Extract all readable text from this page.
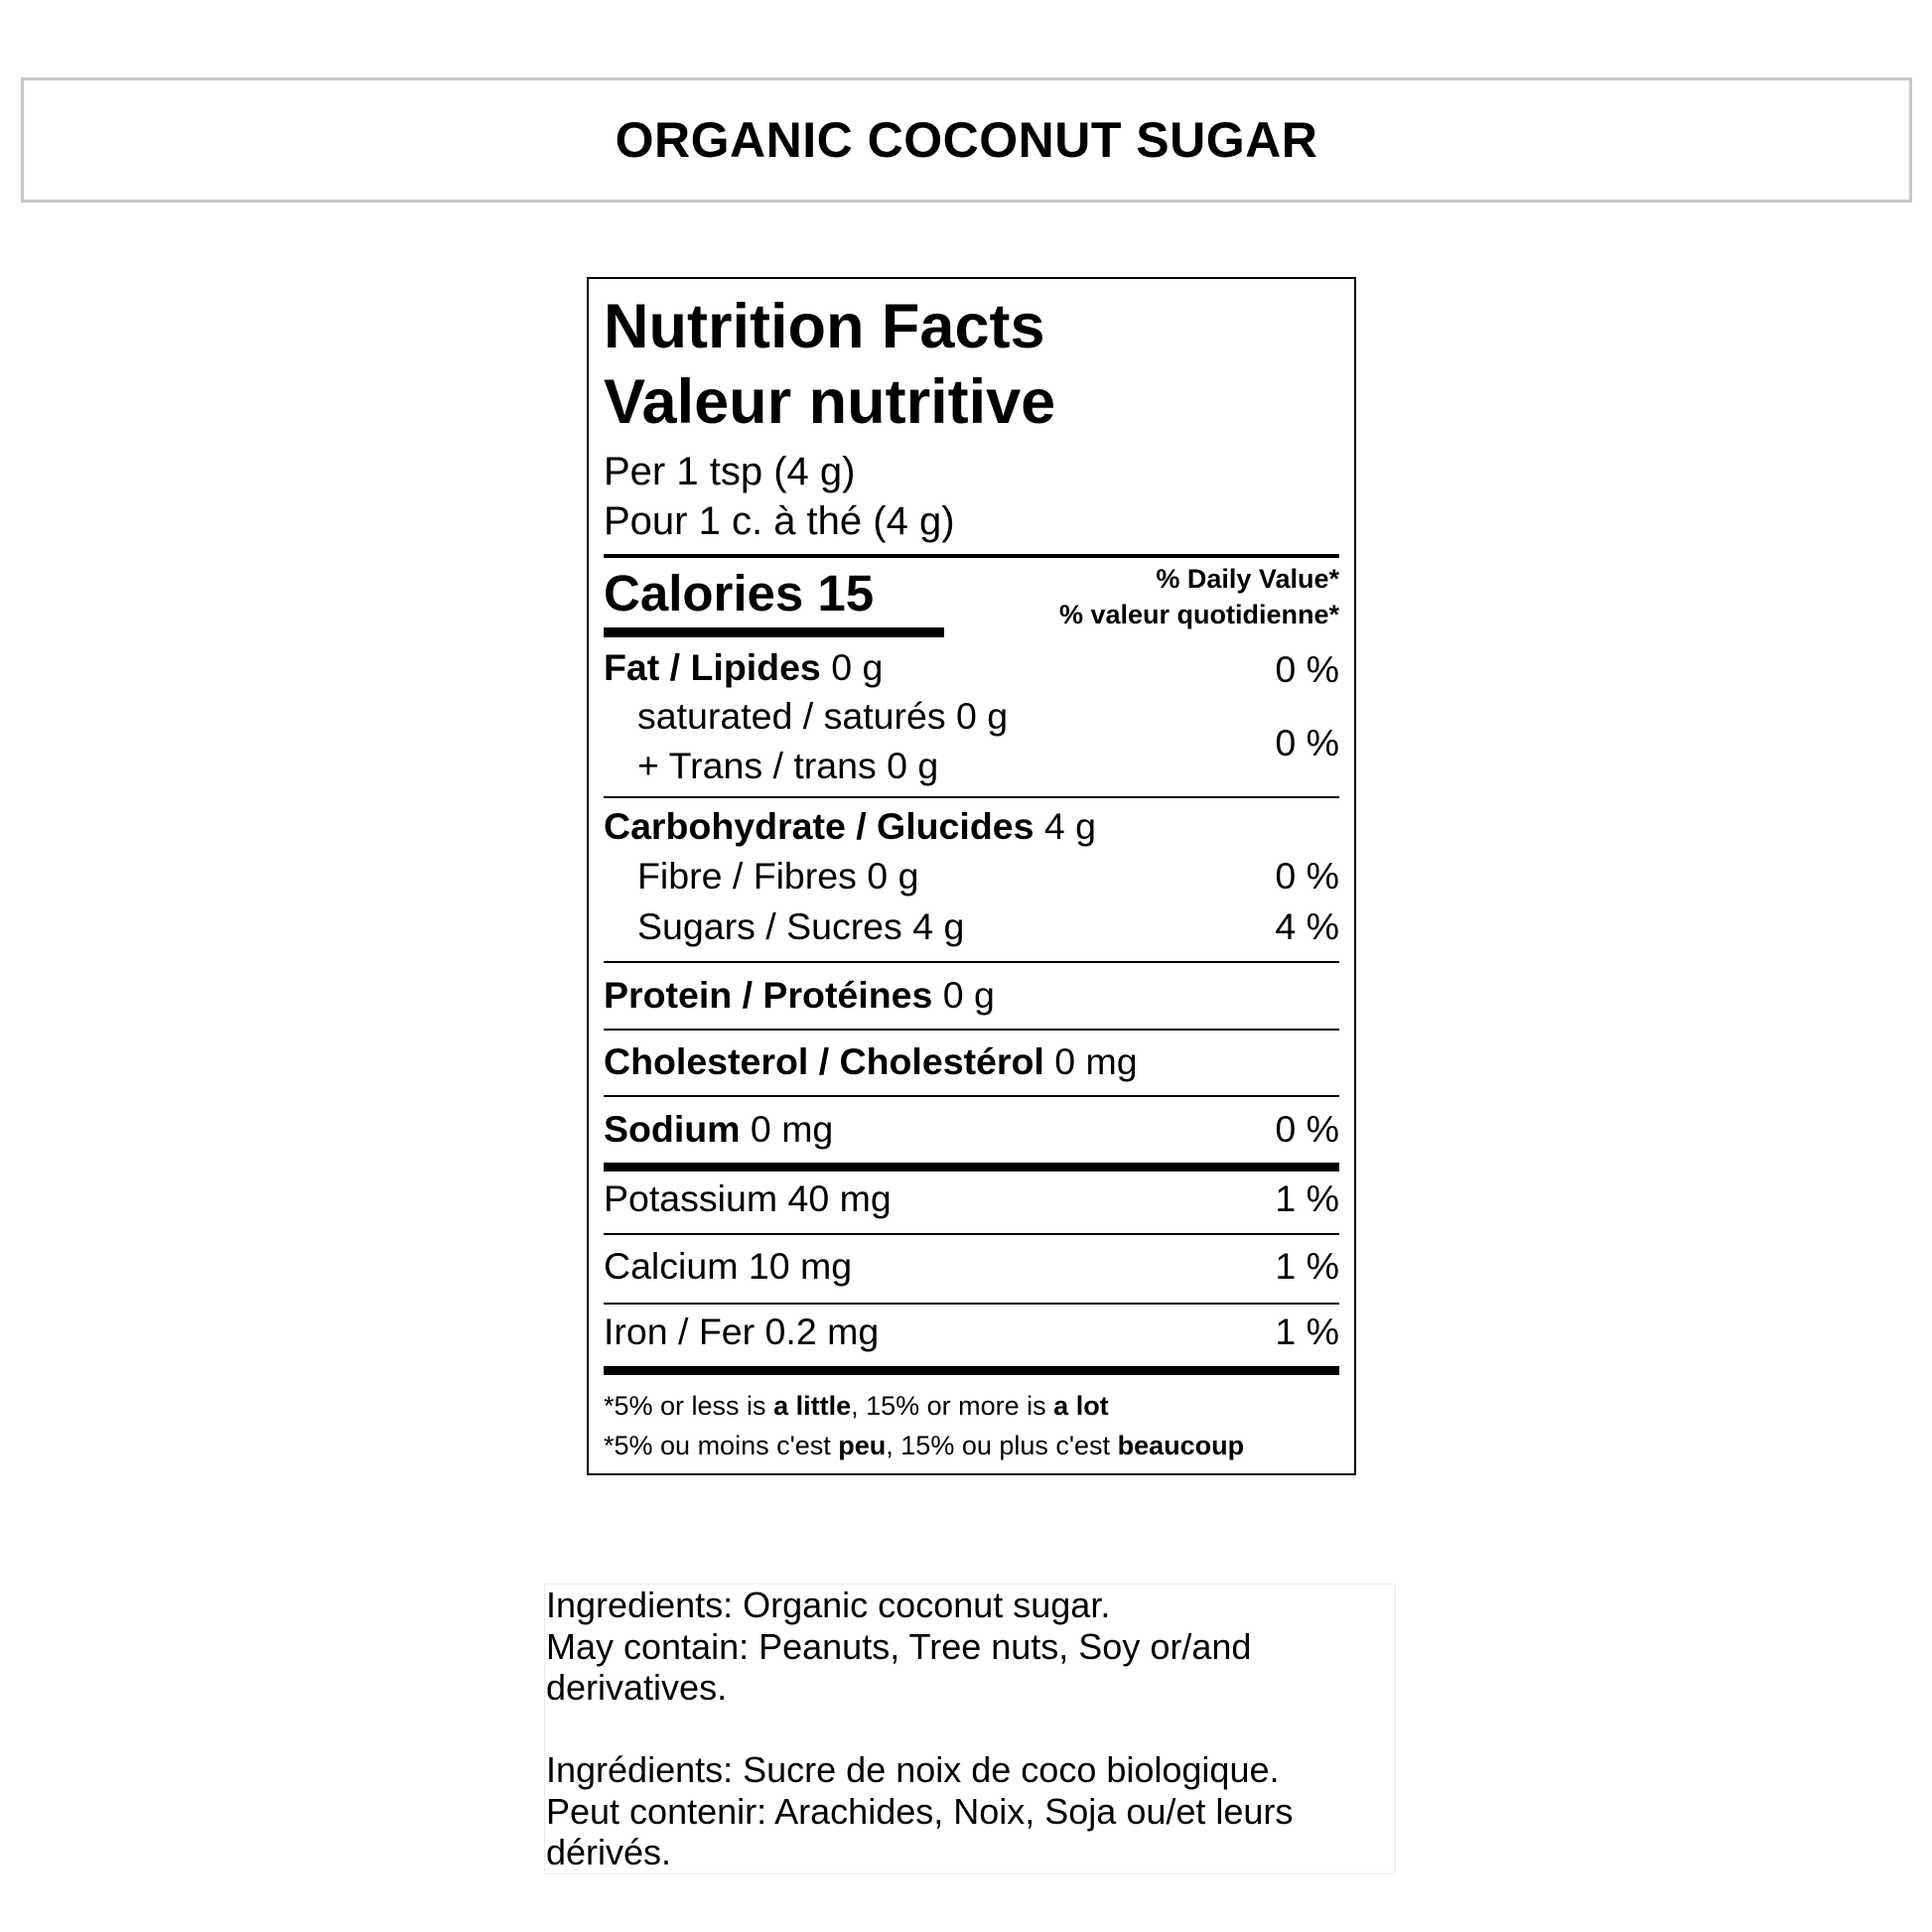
ORGANIC COCONUT SUGAR
Nutrition Facts
Valeur nutritive
Per 1 tsp (4 g)
Pour 1 c. à thé (4 g)
Calories 15	% Daily Value*
% valeur quotidienne*
Fat / Lipides 0 g	0 %
saturated / saturés 0 g
+ Trans / trans 0 g
0 %
Carbohydrate / Glucides 4 g
Fibre / Fibres 0 g	0 %
Sugars / Sucres 4 g	4 %
Protein / Protéines 0 g
Cholesterol / Cholestérol 0 mg
Sodium 0 mg	0 %
Potassium 40 mg	1 %
Calcium 10 mg	1 %
Iron / Fer 0.2 mg	1 %
*5% or less is a little, 15% or more is a lot
*5% ou moins c'est peu, 15% ou plus c'est beaucoup

Ingredients: Organic coconut sugar.

May contain: Peanuts, Tree nuts, Soy or/and

derivatives.

Ingrédients: Sucre de noix de coco biologique.

Peut contenir: Arachides, Noix, Soja ou/et leurs

dérivés.
